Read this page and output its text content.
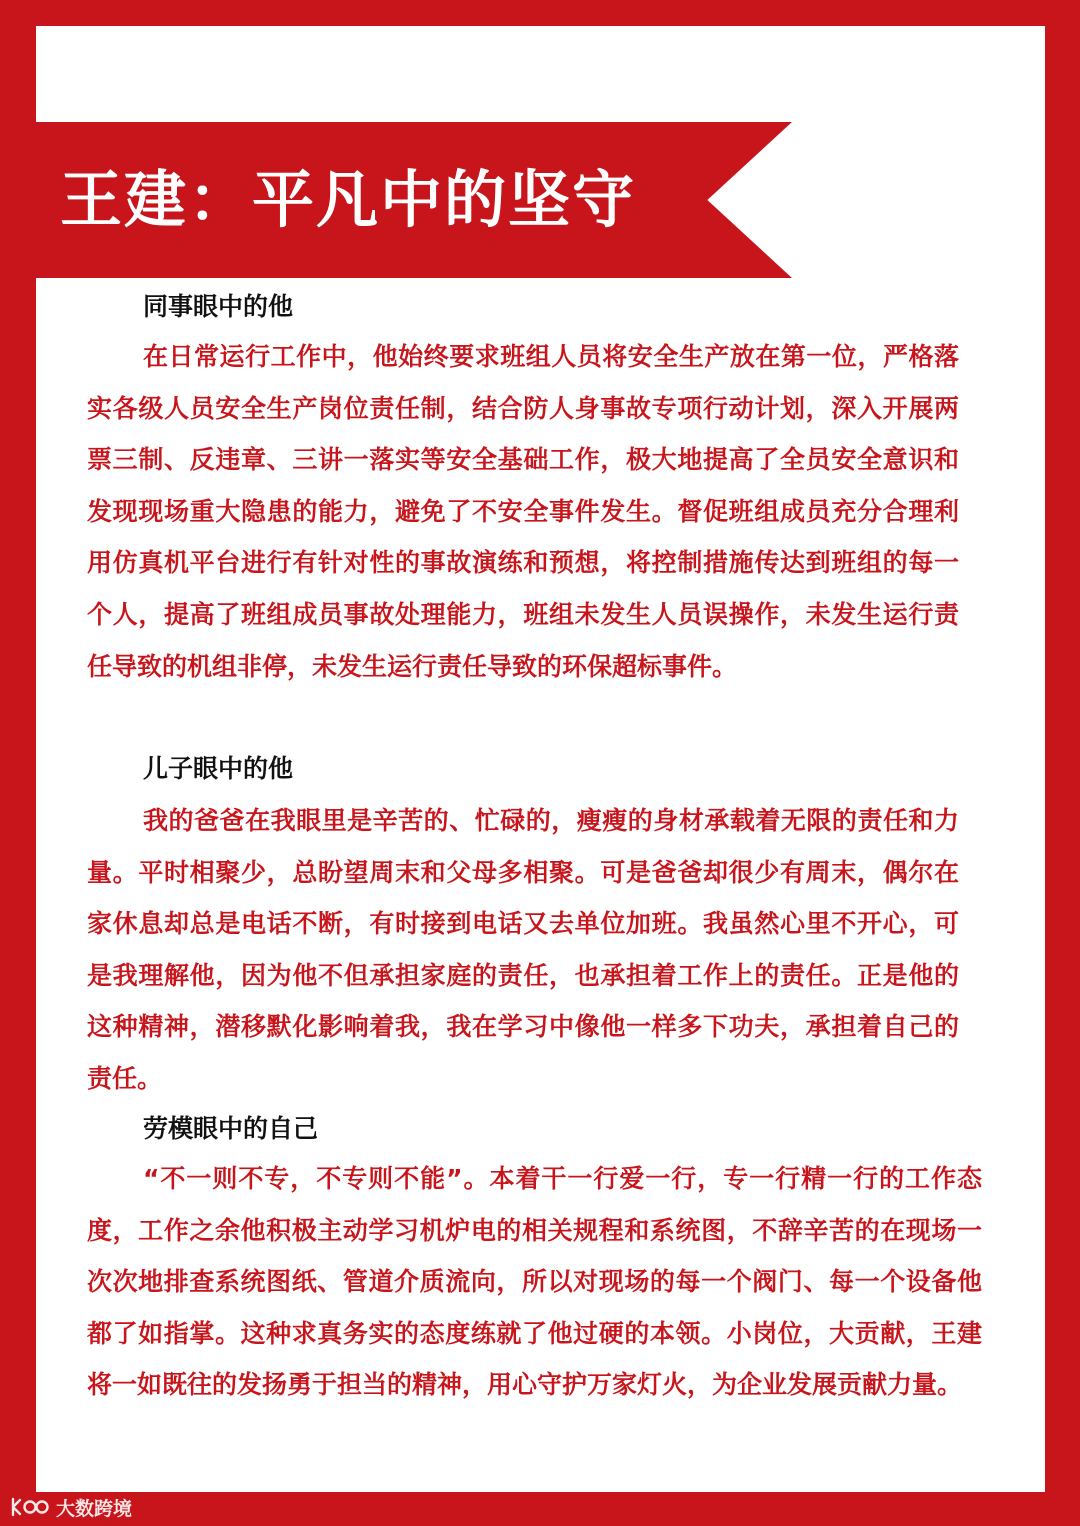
王建：平凡中的坚守
同事眼中的他

在日常运行工作中，他始终要求班组人员将安全生产放在第一位，严格落实各级人员安全生产岗位责任制，结合防人身事故专项行动计划，深入开展两票三制、反违章、三讲一落实等安全基础工作，极大地提高了全员安全意识和发现现场重大隐患的能力，避免了不安全事件发生。督促班组成员充分合理利用仿真机平台进行有针对性的事故演练和预想，将控制措施传达到班组的每一个人，提高了班组成员事故处理能力，班组未发生人员误操作，未发生运行责任导致的机组非停，未发生运行责任导致的环保超标事件。

儿子眼中的他

我的爸爸在我眼里是辛苦的、忙碌的，瘦瘦的身材承载着无限的责任和力量。平时相聚少，总盼望周末和父母多相聚。可是爸爸却很少有周末，偶尔在家休息却总是电话不断，有时接到电话又去单位加班。我虽然心里不开心，可是我理解他，因为他不但承担家庭的责任，也承担着工作上的责任。正是他的这种精神，潜移默化影响着我，我在学习中像他一样多下功夫，承担着自己的责任。

劳模眼中的自己

“不一则不专，不专则不能”。本着干一行爱一行，专一行精一行的工作态度，工作之余他积极主动学习机炉电的相关规程和系统图，不辞辛苦的在现场一次次地排查系统图纸、管道介质流向，所以对现场的每一个阀门、每一个设备他都了如指掌。这种求真务实的态度练就了他过硬的本领。小岗位，大贡献，王建将一如既往的发扬勇于担当的精神，用心守护万家灯火，为企业发展贡献力量。

大数跨境
